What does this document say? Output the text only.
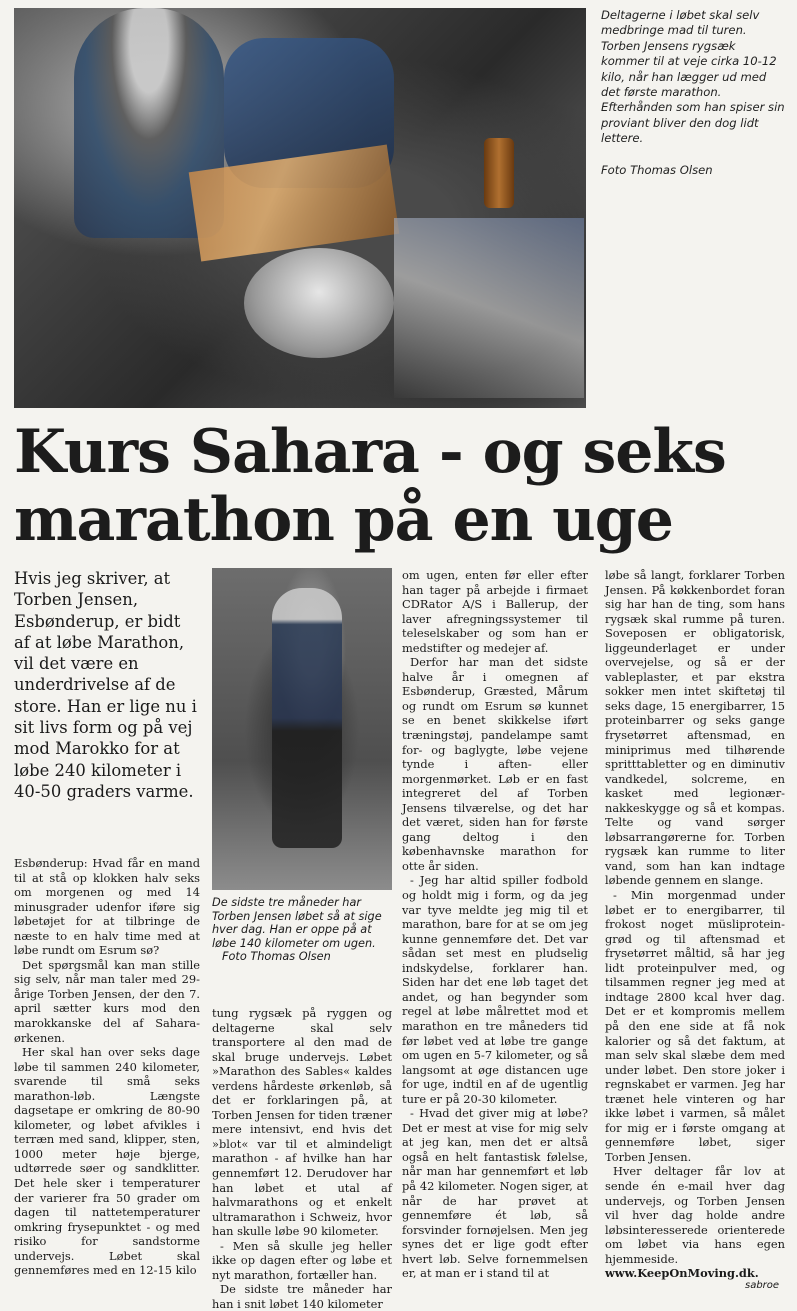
Deltagerne i løbet skal selv medbringe mad til turen. Torben Jensens rygsæk kommer til at veje cirka 10-12 kilo, når han lægger ud med det første marathon. Efterhånden som han spiser sin proviant bliver den dog lidt lettere.

Foto Thomas Olsen

Kurs Sahara - og seks marathon på en uge

Hvis jeg skriver, at Torben Jensen, Esbønderup, er bidt af at løbe Marathon, vil det være en underdrivelse af de store. Han er lige nu i sit livs form og på vej mod Marokko for at løbe 240 kilometer i 40-50 graders varme.

De sidste tre måneder har Torben Jensen løbet så at sige hver dag. Han er oppe på at løbe 140 kilometer om ugen. Foto Thomas Olsen

Esbønderup: Hvad får en mand til at stå op klokken halv seks om morgenen og med 14 minusgrader udenfor iføre sig løbetøjet for at tilbringe de næste to en halv time med at løbe rundt om Esrum sø?

Det spørgsmål kan man stille sig selv, når man taler med 29-årige Torben Jensen, der den 7. april sætter kurs mod den marokkanske del af Sahara-ørkenen.

Her skal han over seks dage løbe til sammen 240 kilometer, svarende til små seks marathon-løb. Længste dagsetape er omkring de 80-90 kilometer, og løbet afvikles i terræn med sand, klipper, sten, 1000 meter høje bjerge, udtørrede søer og sandklitter. Det hele sker i temperaturer der varierer fra 50 grader om dagen til nattetemperaturer omkring frysepunktet - og med risiko for sandstorme undervejs. Løbet skal gennemføres med en 12-15 kilo

tung rygsæk på ryggen og deltagerne skal selv transportere al den mad de skal bruge undervejs. Løbet »Marathon des Sables« kaldes verdens hårdeste ørkenløb, så det er forklaringen på, at Torben Jensen for tiden træner mere intensivt, end hvis det »blot« var til et almindeligt marathon - af hvilke han har gennemført 12. Derudover har han løbet et utal af halvmarathons og et enkelt ultramarathon i Schweiz, hvor han skulle løbe 90 kilometer.

- Men så skulle jeg heller ikke op dagen efter og løbe et nyt marathon, fortæller han.

De sidste tre måneder har han i snit løbet 140 kilometer

om ugen, enten før eller efter han tager på arbejde i firmaet CDRator A/S i Ballerup, der laver afregningssystemer til teleselskaber og som han er medstifter og medejer af.

Derfor har man det sidste halve år i omegnen af Esbønderup, Græsted, Mårum og rundt om Esrum sø kunnet se en benet skikkelse iført træningstøj, pandelampe samt for- og baglygte, løbe vejene tynde i aften- eller morgenmørket. Løb er en fast integreret del af Torben Jensens tilværelse, og det har det været, siden han for første gang deltog i den københavnske marathon for otte år siden.

- Jeg har altid spiller fodbold og holdt mig i form, og da jeg var tyve meldte jeg mig til et marathon, bare for at se om jeg kunne gennemføre det. Det var sådan set mest en pludselig indskydelse, forklarer han. Siden har det ene løb taget det andet, og han begynder som regel at løbe målrettet mod et marathon en tre måneders tid før løbet ved at løbe tre gange om ugen en 5-7 kilometer, og så langsomt at øge distancen uge for uge, indtil en af de ugentlig ture er på 20-30 kilometer.

- Hvad det giver mig at løbe? Det er mest at vise for mig selv at jeg kan, men det er altså også en helt fantastisk følelse, når man har gennemført et løb på 42 kilometer. Nogen siger, at når de har prøvet at gennemføre ét løb, så forsvinder fornøjelsen. Men jeg synes det er lige godt efter hvert løb. Selve fornemmelsen er, at man er i stand til at

løbe så langt, forklarer Torben Jensen. På køkkenbordet foran sig har han de ting, som hans rygsæk skal rumme på turen. Soveposen er obligatorisk, liggeunderlaget er under overvejelse, og så er der vableplaster, et par ekstra sokker men intet skiftetøj til seks dage, 15 energibarrer, 15 proteinbarrer og seks gange frysetørret aftensmad, en miniprimus med tilhørende spritttabletter og en diminutiv vandkedel, solcreme, en kasket med legionær-nakkeskygge og så et kompas. Telte og vand sørger løbsarrangørerne for. Torben rygsæk kan rumme to liter vand, som han kan indtage løbende gennem en slange.

- Min morgenmad under løbet er to energibarrer, til frokost noget müsliprotein-grød og til aftensmad et frysetørret måltid, så har jeg lidt proteinpulver med, og tilsammen regner jeg med at indtage 2800 kcal hver dag. Det er et kompromis mellem på den ene side at få nok kalorier og så det faktum, at man selv skal slæbe dem med under løbet. Den store joker i regnskabet er varmen. Jeg har trænet hele vinteren og har ikke løbet i varmen, så målet for mig er i første omgang at gennemføre løbet, siger Torben Jensen.

Hver deltager får lov at sende én e-mail hver dag undervejs, og Torben Jensen vil hver dag holde andre løbsinteresserede orienterede om løbet via hans egen hjemmeside.

www.KeepOnMoving.dk.

sabroe
